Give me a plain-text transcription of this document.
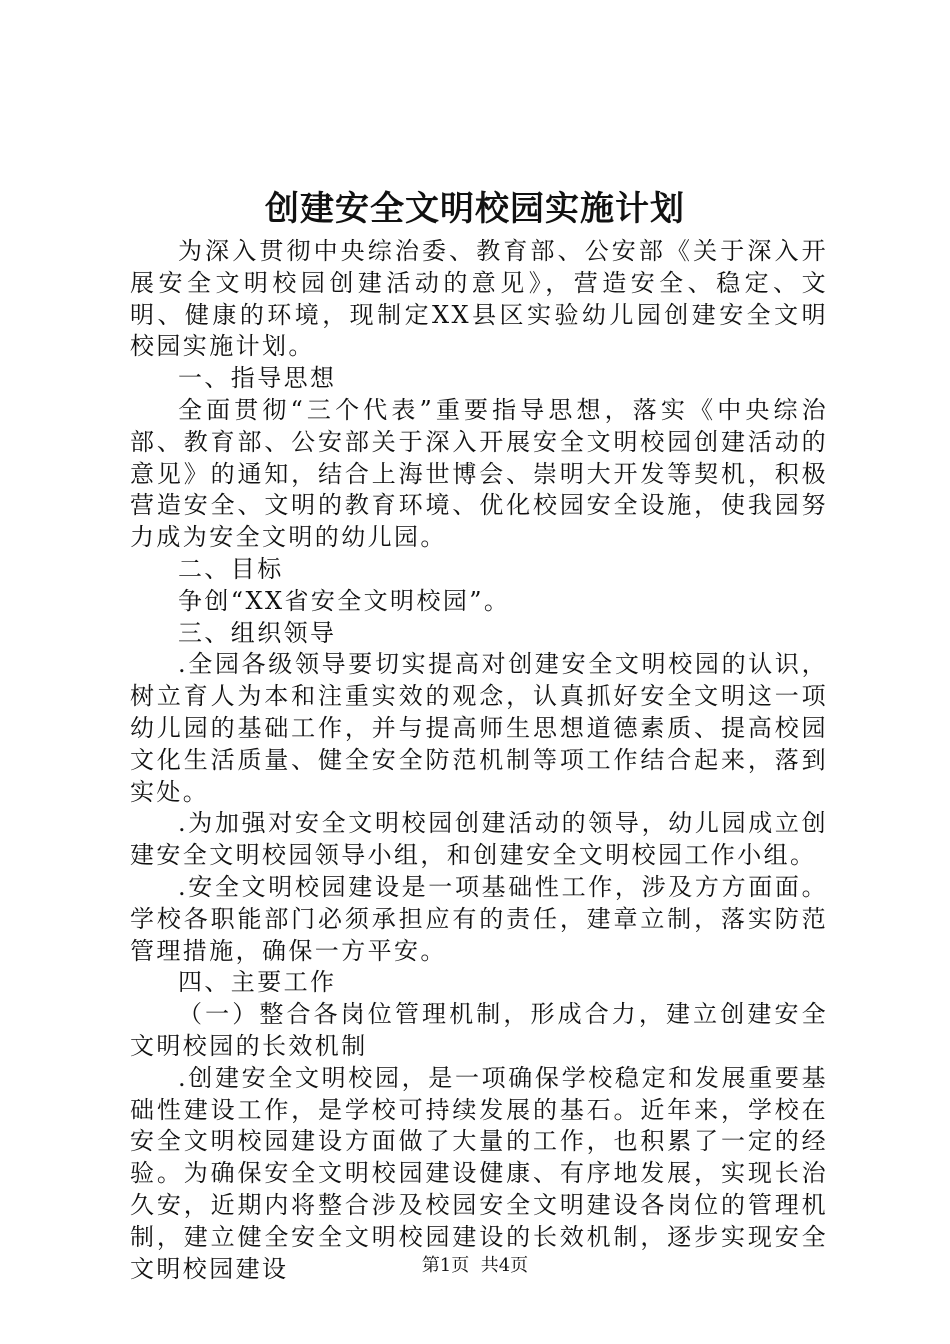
创建安全文明校园实施计划

为深入贯彻中央综治委、教育部、公安部《关于深入开展安全文明校园创建活动的意见》，营造安全、稳定、文明、健康的环境，现制定XX县区实验幼儿园创建安全文明校园实施计划。

一、指导思想

全面贯彻“三个代表”重要指导思想，落实《中央综治部、教育部、公安部关于深入开展安全文明校园创建活动的意见》的通知，结合上海世博会、崇明大开发等契机，积极营造安全、文明的教育环境、优化校园安全设施，使我园努力成为安全文明的幼儿园。

二、目标

争创“XX省安全文明校园”。

三、组织领导

.全园各级领导要切实提高对创建安全文明校园的认识，树立育人为本和注重实效的观念，认真抓好安全文明这一项幼儿园的基础工作，并与提高师生思想道德素质、提高校园文化生活质量、健全安全防范机制等项工作结合起来，落到实处。

.为加强对安全文明校园创建活动的领导，幼儿园成立创建安全文明校园领导小组，和创建安全文明校园工作小组。

.安全文明校园建设是一项基础性工作，涉及方方面面。学校各职能部门必须承担应有的责任，建章立制，落实防范管理措施，确保一方平安。

四、主要工作

（一）整合各岗位管理机制，形成合力，建立创建安全文明校园的长效机制

.创建安全文明校园，是一项确保学校稳定和发展重要基础性建设工作，是学校可持续发展的基石。近年来，学校在安全文明校园建设方面做了大量的工作，也积累了一定的经验。为确保安全文明校园建设健康、有序地发展，实现长治久安，近期内将整合涉及校园安全文明建设各岗位的管理机制，建立健全安全文明校园建设的长效机制，逐步实现安全文明校园建设	第1页  共4页
